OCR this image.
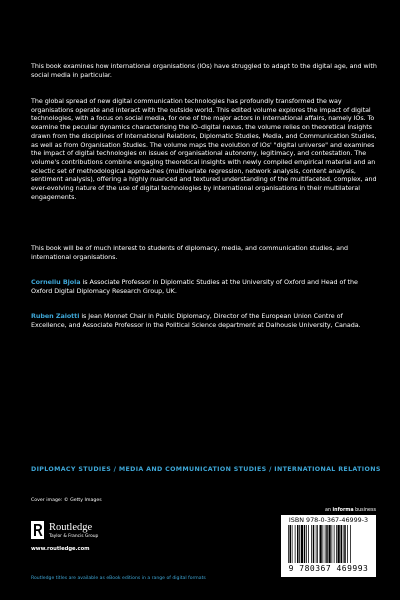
This book examines how international organisations (IOs) have struggled to adapt to the digital age, and with social media in particular.

The global spread of new digital communication technologies has profoundly transformed the way organisations operate and interact with the outside world. This edited volume explores the impact of digital technologies, with a focus on social media, for one of the major actors in international affairs, namely IOs. To examine the peculiar dynamics characterising the IO–digital nexus, the volume relies on theoretical insights drawn from the disciplines of International Relations, Diplomatic Studies, Media, and Communication Studies, as well as from Organisation Studies. The volume maps the evolution of IOs' "digital universe" and examines the impact of digital technologies on issues of organisational autonomy, legitimacy, and contestation. The volume's contributions combine engaging theoretical insights with newly compiled empirical material and an eclectic set of methodological approaches (multivariate regression, network analysis, content analysis, sentiment analysis), offering a highly nuanced and textured understanding of the multifaceted, complex, and ever-evolving nature of the use of digital technologies by international organisations in their multilateral engagements.

This book will be of much interest to students of diplomacy, media, and communication studies, and international organisations.

Corneliu Bjola is Associate Professor in Diplomatic Studies at the University of Oxford and Head of the Oxford Digital Diplomacy Research Group, UK.

Ruben Zaiotti is Jean Monnet Chair in Public Diplomacy, Director of the European Union Centre of Excellence, and Associate Professor in the Political Science department at Dalhousie University, Canada.

DIPLOMACY STUDIES / MEDIA AND COMMUNICATION STUDIES / INTERNATIONAL RELATIONS
Cover image: © Getty Images
Routledge
Taylor & Francis Group
www.routledge.com
Routledge titles are available as eBook editions in a range of digital formats
an informa business
ISBN 978-0-367-46999-3
9 780367 469993
